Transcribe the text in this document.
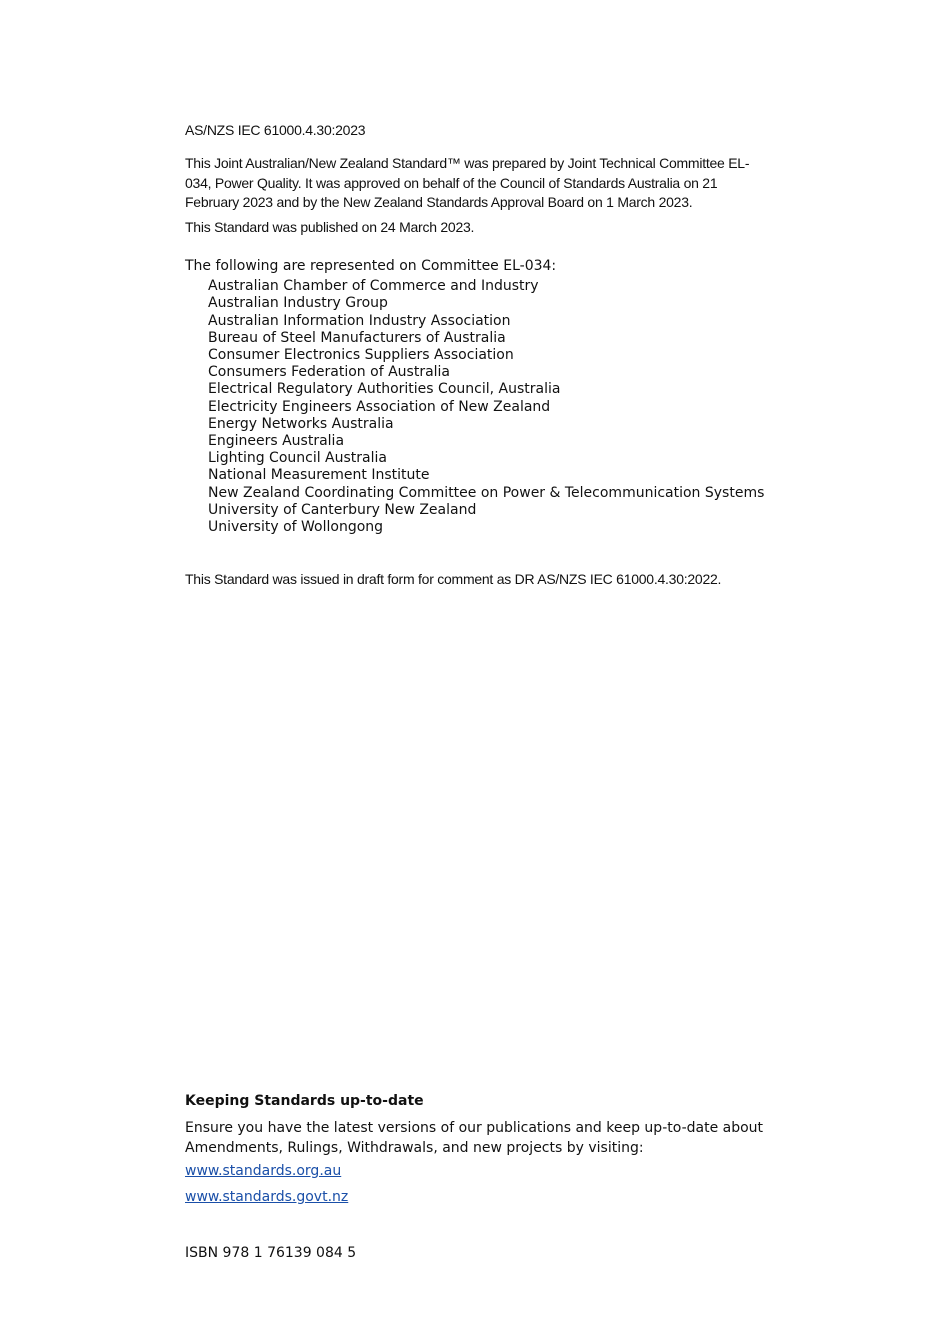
AS/NZS IEC 61000.4.30:2023
This Joint Australian/New Zealand Standard™ was prepared by Joint Technical Committee EL-034, Power Quality. It was approved on behalf of the Council of Standards Australia on 21 February 2023 and by the New Zealand Standards Approval Board on 1 March 2023.
This Standard was published on 24 March 2023.
The following are represented on Committee EL-034:
Australian Chamber of Commerce and Industry
Australian Industry Group
Australian Information Industry Association
Bureau of Steel Manufacturers of Australia
Consumer Electronics Suppliers Association
Consumers Federation of Australia
Electrical Regulatory Authorities Council, Australia
Electricity Engineers Association of New Zealand
Energy Networks Australia
Engineers Australia
Lighting Council Australia
National Measurement Institute
New Zealand Coordinating Committee on Power & Telecommunication Systems
University of Canterbury New Zealand
University of Wollongong
This Standard was issued in draft form for comment as DR AS/NZS IEC 61000.4.30:2022.
Keeping Standards up-to-date
Ensure you have the latest versions of our publications and keep up-to-date about Amendments, Rulings, Withdrawals, and new projects by visiting:
www.standards.org.au
www.standards.govt.nz
ISBN 978 1 76139 084 5
